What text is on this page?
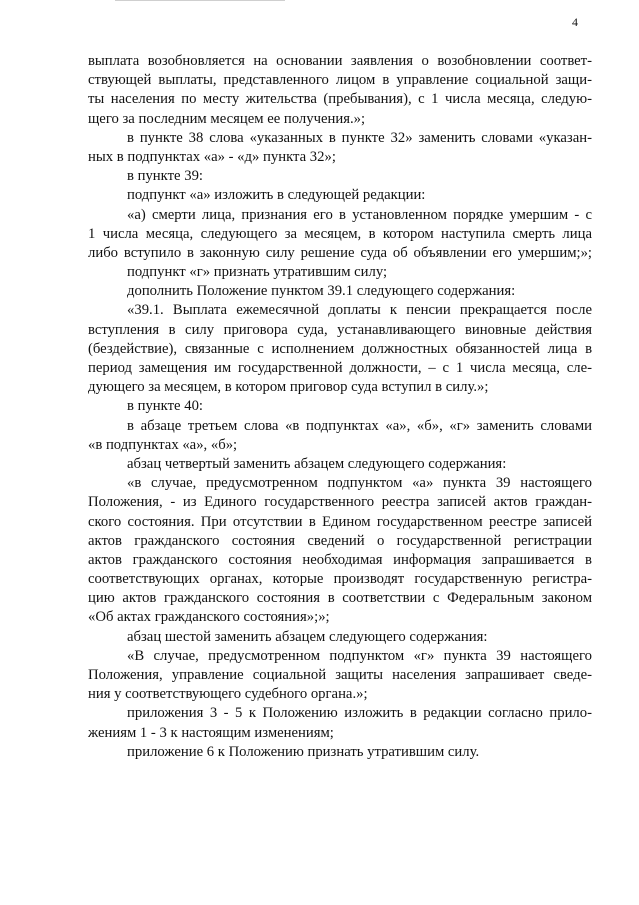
4
выплата возобновляется на основании заявления о возобновлении соответ-
ствующей выплаты, представленного лицом в управление социальной защи-
ты населения по месту жительства (пребывания), с 1 числа месяца, следую-
щего за последним месяцем ее получения.»;
в пункте 38 слова «указанных в пункте 32» заменить словами «указан-
ных в подпунктах «а» - «д» пункта 32»;
в пункте 39:
подпункт «а» изложить в следующей редакции:
«а) смерти лица, признания его в установленном порядке умершим - с
1 числа месяца, следующего за месяцем, в котором наступила смерть лица
либо вступило в законную силу решение суда об объявлении его умершим;»;
подпункт «г» признать утратившим силу;
дополнить Положение пунктом 39.1 следующего содержания:
«39.1. Выплата ежемесячной доплаты к пенсии прекращается после
вступления в силу приговора суда, устанавливающего виновные действия
(бездействие), связанные с исполнением должностных обязанностей лица в
период замещения им государственной должности, – с 1 числа месяца, сле-
дующего за месяцем, в котором приговор суда вступил в силу.»;
в пункте 40:
в абзаце третьем слова «в подпунктах «а», «б», «г» заменить словами
«в подпунктах «а», «б»;
абзац четвертый заменить абзацем следующего содержания:
«в случае, предусмотренном подпунктом «а» пункта 39 настоящего
Положения, - из Единого государственного реестра записей актов граждан-
ского состояния. При отсутствии в Едином государственном реестре записей
актов гражданского состояния сведений о государственной регистрации
актов гражданского состояния необходимая информация запрашивается в
соответствующих органах, которые производят государственную регистра-
цию актов гражданского состояния в соответствии с Федеральным законом
«Об актах гражданского состояния»;»;
абзац шестой заменить абзацем следующего содержания:
«В случае, предусмотренном подпунктом «г» пункта 39 настоящего
Положения, управление социальной защиты населения запрашивает сведе-
ния у соответствующего судебного органа.»;
приложения 3 - 5 к Положению изложить в редакции согласно прило-
жениям 1 - 3 к настоящим изменениям;
приложение 6 к Положению признать утратившим силу.
